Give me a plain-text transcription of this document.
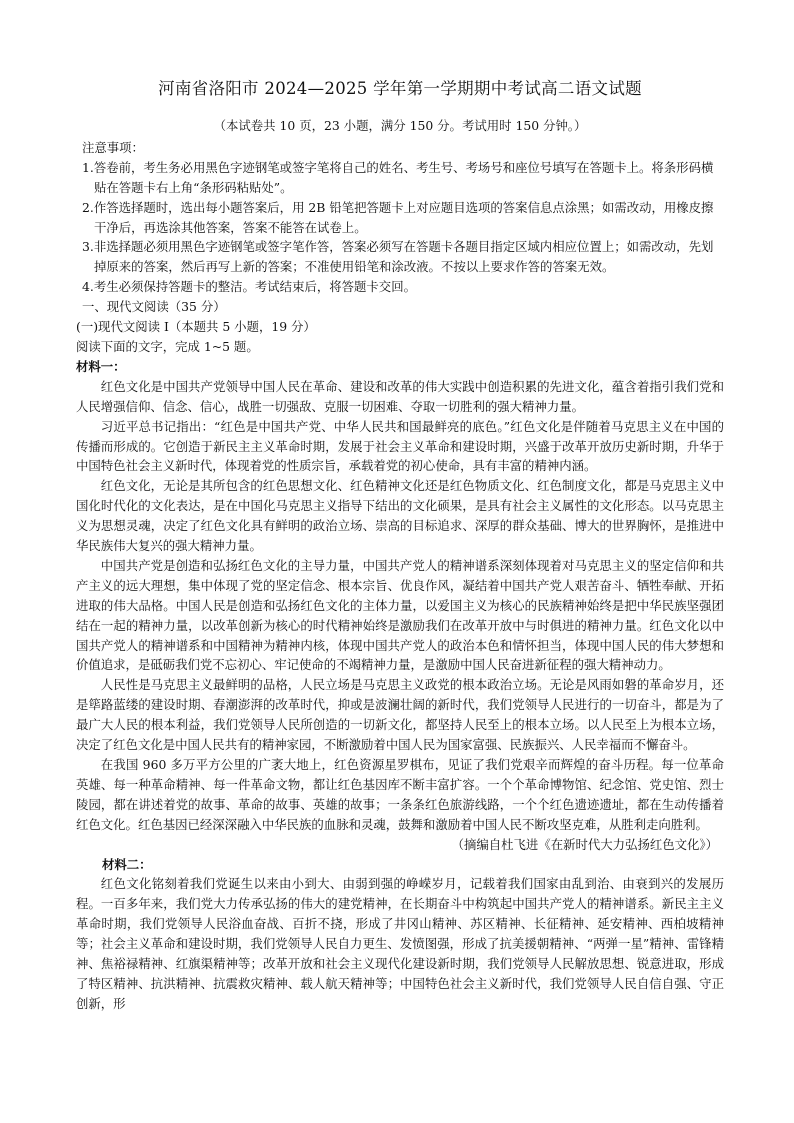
河南省洛阳市 2024—2025 学年第一学期期中考试高二语文试题

（本试卷共 10 页，23 小题，满分 150 分。考试用时 150 分钟。）

注意事项：

1.答卷前，考生务必用黑色字迹钢笔或签字笔将自己的姓名、考生号、考场号和座位号填写在答题卡上。将条形码横贴在答题卡右上角“条形码粘贴处”。

2.作答选择题时，选出每小题答案后，用 2B 铅笔把答题卡上对应题目选项的答案信息点涂黑；如需改动，用橡皮擦干净后，再选涂其他答案，答案不能答在试卷上。

3.非选择题必须用黑色字迹钢笔或签字笔作答，答案必须写在答题卡各题目指定区域内相应位置上；如需改动，先划掉原来的答案，然后再写上新的答案；不准使用铅笔和涂改液。不按以上要求作答的答案无效。

4.考生必须保持答题卡的整洁。考试结束后，将答题卡交回。

一、现代文阅读（35 分）

(一)现代文阅读 I（本题共 5 小题，19 分）

阅读下面的文字，完成 1~5 题。

材料一：

红色文化是中国共产党领导中国人民在革命、建设和改革的伟大实践中创造积累的先进文化，蕴含着指引我们党和人民增强信仰、信念、信心，战胜一切强敌、克服一切困难、夺取一切胜利的强大精神力量。

习近平总书记指出：“红色是中国共产党、中华人民共和国最鲜亮的底色。”红色文化是伴随着马克思主义在中国的传播而形成的。它创造于新民主主义革命时期，发展于社会主义革命和建设时期，兴盛于改革开放历史新时期，升华于中国特色社会主义新时代，体现着党的性质宗旨，承载着党的初心使命，具有丰富的精神内涵。

红色文化，无论是其所包含的红色思想文化、红色精神文化还是红色物质文化、红色制度文化，都是马克思主义中国化时代化的文化表达，是在中国化马克思主义指导下结出的文化硕果，是具有社会主义属性的文化形态。以马克思主义为思想灵魂，决定了红色文化具有鲜明的政治立场、崇高的目标追求、深厚的群众基础、博大的世界胸怀，是推进中华民族伟大复兴的强大精神力量。

中国共产党是创造和弘扬红色文化的主导力量，中国共产党人的精神谱系深刻体现着对马克思主义的坚定信仰和共产主义的远大理想，集中体现了党的坚定信念、根本宗旨、优良作风，凝结着中国共产党人艰苦奋斗、牺牲奉献、开拓进取的伟大品格。中国人民是创造和弘扬红色文化的主体力量，以爱国主义为核心的民族精神始终是把中华民族坚强团结在一起的精神力量，以改革创新为核心的时代精神始终是激励我们在改革开放中与时俱进的精神力量。红色文化以中国共产党人的精神谱系和中国精神为精神内核，体现中国共产党人的政治本色和情怀担当，体现中国人民的伟大梦想和价值追求，是砥砺我们党不忘初心、牢记使命的不竭精神力量，是激励中国人民奋进新征程的强大精神动力。

人民性是马克思主义最鲜明的品格，人民立场是马克思主义政党的根本政治立场。无论是风雨如磐的革命岁月，还是筚路蓝缕的建设时期、春潮澎湃的改革时代，抑或是波澜壮阔的新时代，我们党领导人民进行的一切奋斗，都是为了最广大人民的根本利益，我们党领导人民所创造的一切新文化，都坚持人民至上的根本立场。以人民至上为根本立场，决定了红色文化是中国人民共有的精神家园，不断激励着中国人民为国家富强、民族振兴、人民幸福而不懈奋斗。

在我国 960 多万平方公里的广袤大地上，红色资源星罗棋布，见证了我们党艰辛而辉煌的奋斗历程。每一位革命英雄、每一种革命精神、每一件革命文物，都让红色基因库不断丰富扩容。一个个革命博物馆、纪念馆、党史馆、烈士陵园，都在讲述着党的故事、革命的故事、英雄的故事；一条条红色旅游线路，一个个红色遗迹遗址，都在生动传播着红色文化。红色基因已经深深融入中华民族的血脉和灵魂，鼓舞和激励着中国人民不断攻坚克难，从胜利走向胜利。

（摘编自杜飞进《在新时代大力弘扬红色文化》）

材料二：

红色文化铭刻着我们党诞生以来由小到大、由弱到强的峥嵘岁月，记载着我们国家由乱到治、由衰到兴的发展历程。一百多年来，我们党大力传承弘扬的伟大的建党精神，在长期奋斗中构筑起中国共产党人的精神谱系。新民主主义革命时期，我们党领导人民浴血奋战、百折不挠，形成了井冈山精神、苏区精神、长征精神、延安精神、西柏坡精神等；社会主义革命和建设时期，我们党领导人民自力更生、发愤图强，形成了抗美援朝精神、“两弹一星”精神、雷锋精神、焦裕禄精神、红旗渠精神等；改革开放和社会主义现代化建设新时期，我们党领导人民解放思想、锐意进取，形成了特区精神、抗洪精神、抗震救灾精神、载人航天精神等；中国特色社会主义新时代，我们党领导人民自信自强、守正创新，形
